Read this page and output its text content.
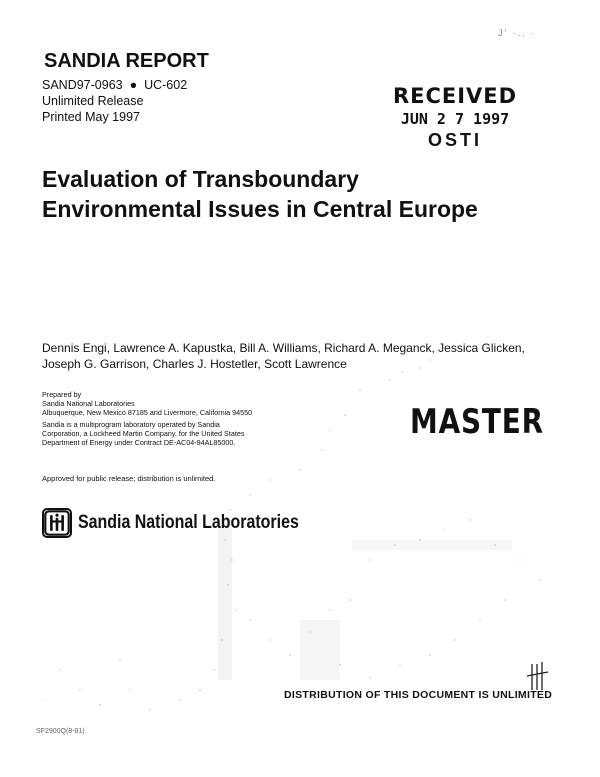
J' ·.. ·
SANDIA REPORT
SAND97-0963  ●  UC-602
Unlimited Release
Printed May 1997
RECEIVED
JUN 2 7 1997
OSTI
Evaluation of Transboundary
Environmental Issues in Central Europe
Dennis Engi, Lawrence A. Kapustka, Bill A. Williams, Richard A. Meganck, Jessica Glicken,
Joseph G. Garrison, Charles J. Hostetler, Scott Lawrence

Prepared by
Sandia National Laboratories
Albuquerque, New Mexico 87185 and Livermore, California 94550

Sandia is a multiprogram laboratory operated by Sandia
Corporation, a Lockheed Martin Company, for the United States
Department of Energy under Contract DE-AC04-94AL85000.

MASTER
Approved for public release; distribution is unlimited.
Sandia National Laboratories
DISTRIBUTION OF THIS DOCUMENT IS UNLIMITED
SF2900Q(8-81)
